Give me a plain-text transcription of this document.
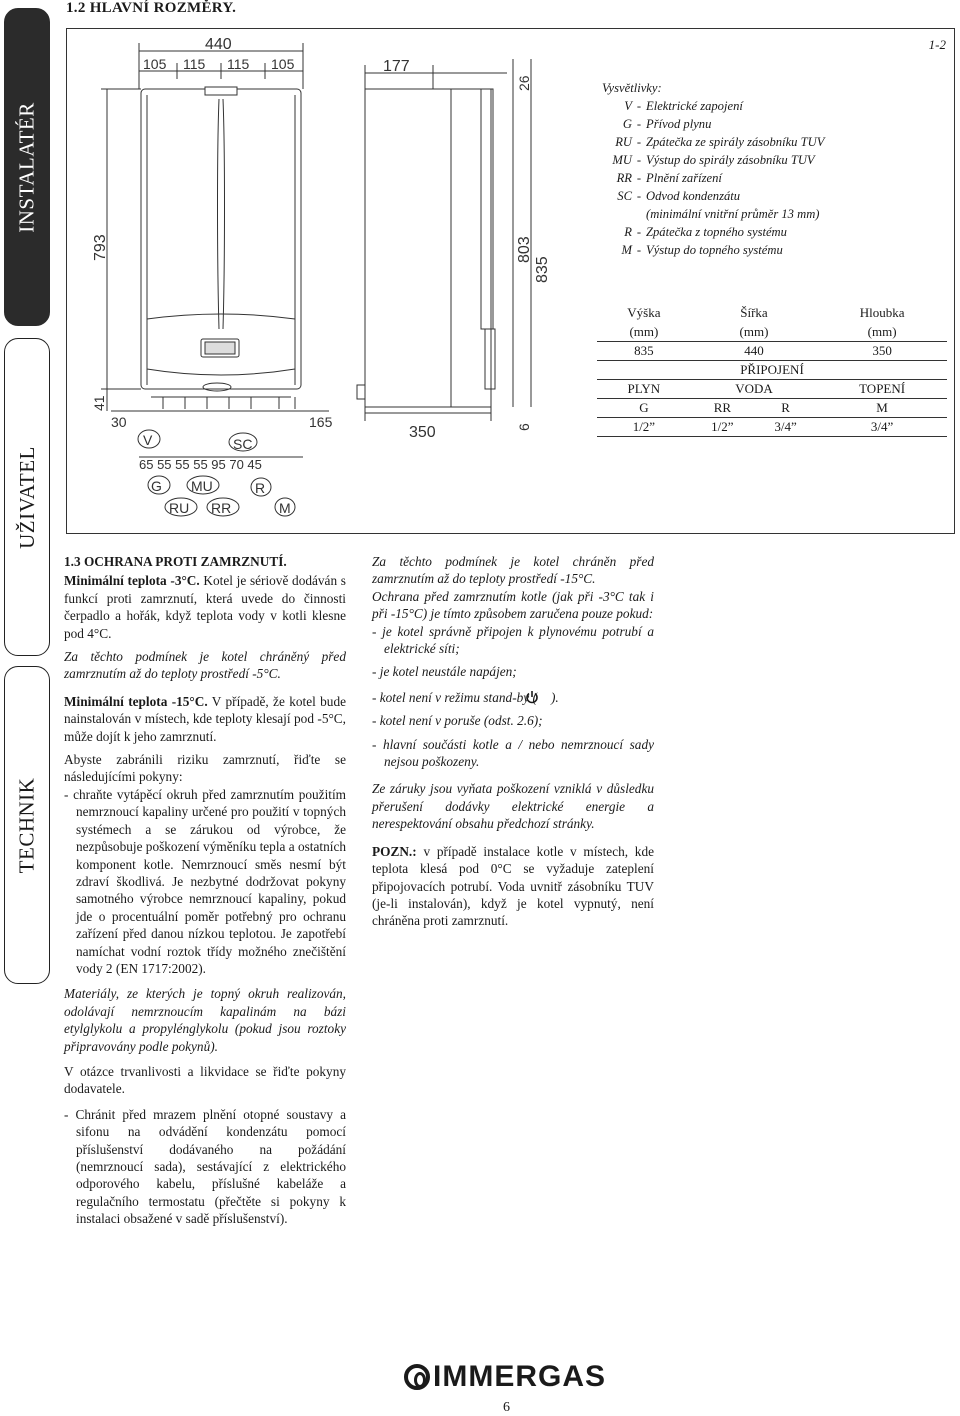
INSTALATÉR
UŽIVATEL
TECHNIK
1.2 HLAVNÍ ROZMĚRY.
1-2
440
105 115 115 105
793
41
30	165
65 55 55 55 95 70 45
V	SC
G MU	R
RU RR	M
177
350
26
803
835
6
Vysvětlivky:
V - Elektrické zapojení
G - Přívod plynu
RU - Zpátečka ze spirály zásobníku TUV
MU - Výstup do spirály zásobníku TUV
RR - Plnění zařízení
SC - Odvod kondenzátu
(minimální vnitřní průměr 13 mm)
R - Zpátečka z topného systému
M - Výstup do topného systému
Výška	Šířka		Hloubka
(mm)	(mm)		(mm)
835	440		350
PŘIPOJENÍ			
PLYN	VODA		TOPENÍ
G	RR	R	M
1/2”	1/2”	3/4”	3/4”
1.3 OCHRANA PROTI ZAMRZNUTÍ.

Minimální teplota -3°C. Kotel je sériově dodáván s funkcí proti zamrznutí, která uvede do činnosti čerpadlo a hořák, když teplota vody v kotli klesne pod 4°C.

Za těchto podmínek je kotel chráněný před zamrznutím až do teploty prostředí -5°C.

Minimální teplota -15°C. V případě, že kotel bude nainstalován v místech, kde teploty klesají pod -5°C, může dojít k jeho zamrznutí.

Abyste zabránili riziku zamrznutí, řiďte se následujícími pokyny:

- chraňte vytápěcí okruh před zamrznutím použitím nemrznoucí kapaliny určené pro použití v topných systémech a se zárukou od výrobce, že nezpůsobuje poškození výměníku tepla a ostatních komponent kotle. Nemrznoucí směs nesmí být zdraví škodlivá. Je nezbytné dodržovat pokyny samotného výrobce nemrznoucí kapaliny, pokud jde o procentuální poměr potřebný pro ochranu zařízení před danou nízkou teplotou. Je zapotřebí namíchat vodní roztok třídy možného znečištění vody 2 (EN 1717:2002).

Materiály, ze kterých je topný okruh realizován, odolávají nemrznoucím kapalinám na bázi etylglykolu a propylénglykolu (pokud jsou roztoky připravovány podle pokynů).

V otázce trvanlivosti a likvidace se řiďte pokyny dodavatele.

- Chránit před mrazem plnění otopné soustavy a sifonu na odvádění kondenzátu pomocí příslušenství dodávaného na požádání (nemrznoucí sada), sestávající z elektrického odporového kabelu, příslušné kabeláže a regulačního termostatu (přečtěte si pokyny k instalaci obsažené v sadě příslušenství).

Za těchto podmínek je kotel chráněn před zamrznutím až do teploty prostředí -15°C.

Ochrana před zamrznutím kotle (jak při -3°C tak i při -15°C) je tímto způsobem zaručena pouze pokud:

- je kotel správně připojen k plynovému potrubí a elektrické síti;

- je kotel neustále napájen;

- kotel není v režimu stand-by ( ).

- kotel není v poruše (odst. 2.6);

- hlavní součásti kotle a / nebo nemrznoucí sady nejsou poškozeny.

Ze záruky jsou vyňata poškození vzniklá v důsledku přerušení dodávky elektrické energie a nerespektování obsahu předchozí stránky.

POZN.: v případě instalace kotle v místech, kde teplota klesá pod 0°C se vyžaduje zateplení připojovacích potrubí. Voda uvnitř zásobníku TUV (je-li instalován), když je kotel vypnutý, není chráněna proti zamrznutí.

IMMERGAS
6
